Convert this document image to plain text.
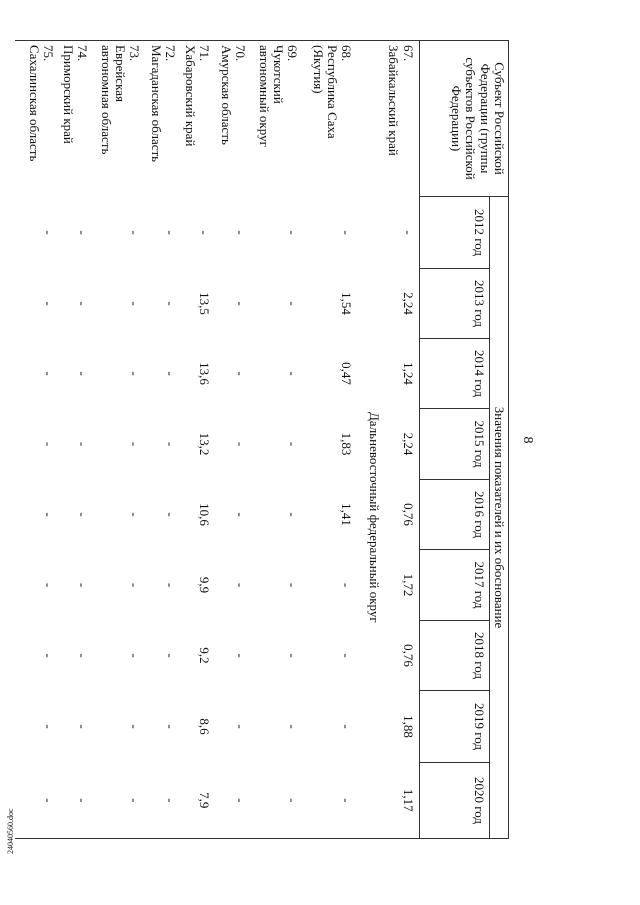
8
Субъект Российской Федерации (группы субъектов Российской Федерации)	Значения показателей и их обоснование								
	2012 год	2013 год	2014 год	2015 год	2016 год	2017 год	2018 год	2019 год	2020 год
67.Забайкальский край	-	2,24	1,24	2,24	0,76	1,72	0,76	1,88	1,17
	Дальневосточный федеральный округ								
68.Республика Саха (Якутия)	-	1,54	0,47	1,83	1,41	-	-	-	-
69.Чукотский автономный округ	-	-	-	-	-	-	-	-	-
70.Амурская область	-	-	-	-	-	-	-	-	-
71.Хабаровский край	-	13,5	13,6	13,2	10,6	9,9	9,2	8,6	7,9
72.Магаданская область	-	-	-	-	-	-	-	-	-
73.Еврейская автономная область	-	-	-	-	-	-	-	-	-
74.Приморский край	-	-	-	-	-	-	-	-	-
75.Сахалинская область	-	-	-	-	-	-	-	-	-
24040560.doc
